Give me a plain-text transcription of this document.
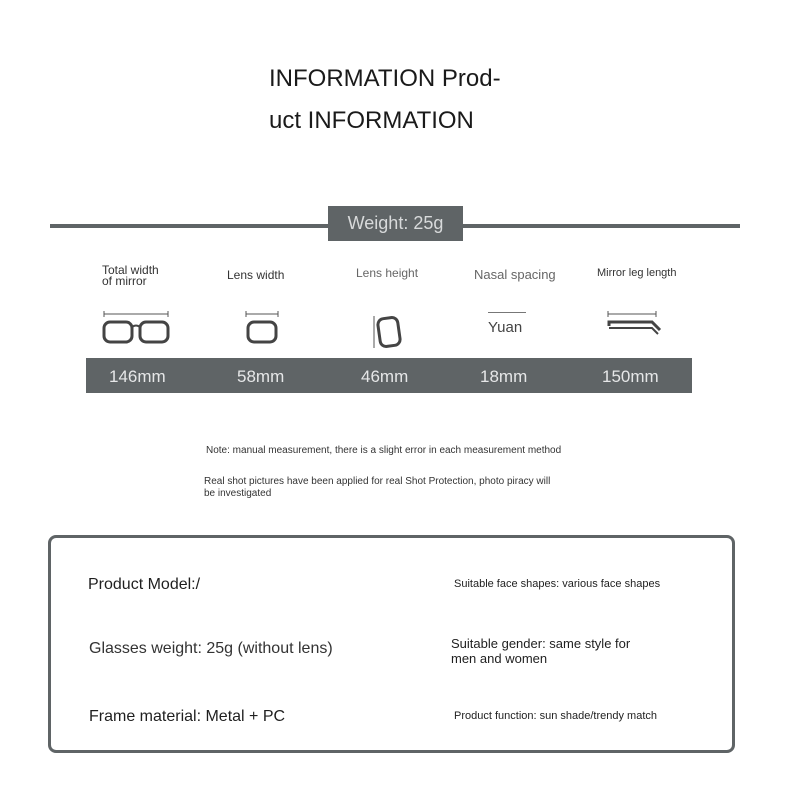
INFORMATION Prod-
uct INFORMATION
Weight: 25g
Total width
of mirror	Lens width	Lens height	Nasal spacing	Mirror leg length
Yuan
146mm	58mm	46mm	18mm	150mm
Note: manual measurement, there is a slight error in each measurement method
Real shot pictures have been applied for real Shot Protection, photo piracy will
be investigated
Product Model:/	Suitable face shapes: various face shapes
Glasses weight: 25g (without lens)	Suitable gender: same style for
men and women
Frame material: Metal + PC	Product function: sun shade/trendy match
